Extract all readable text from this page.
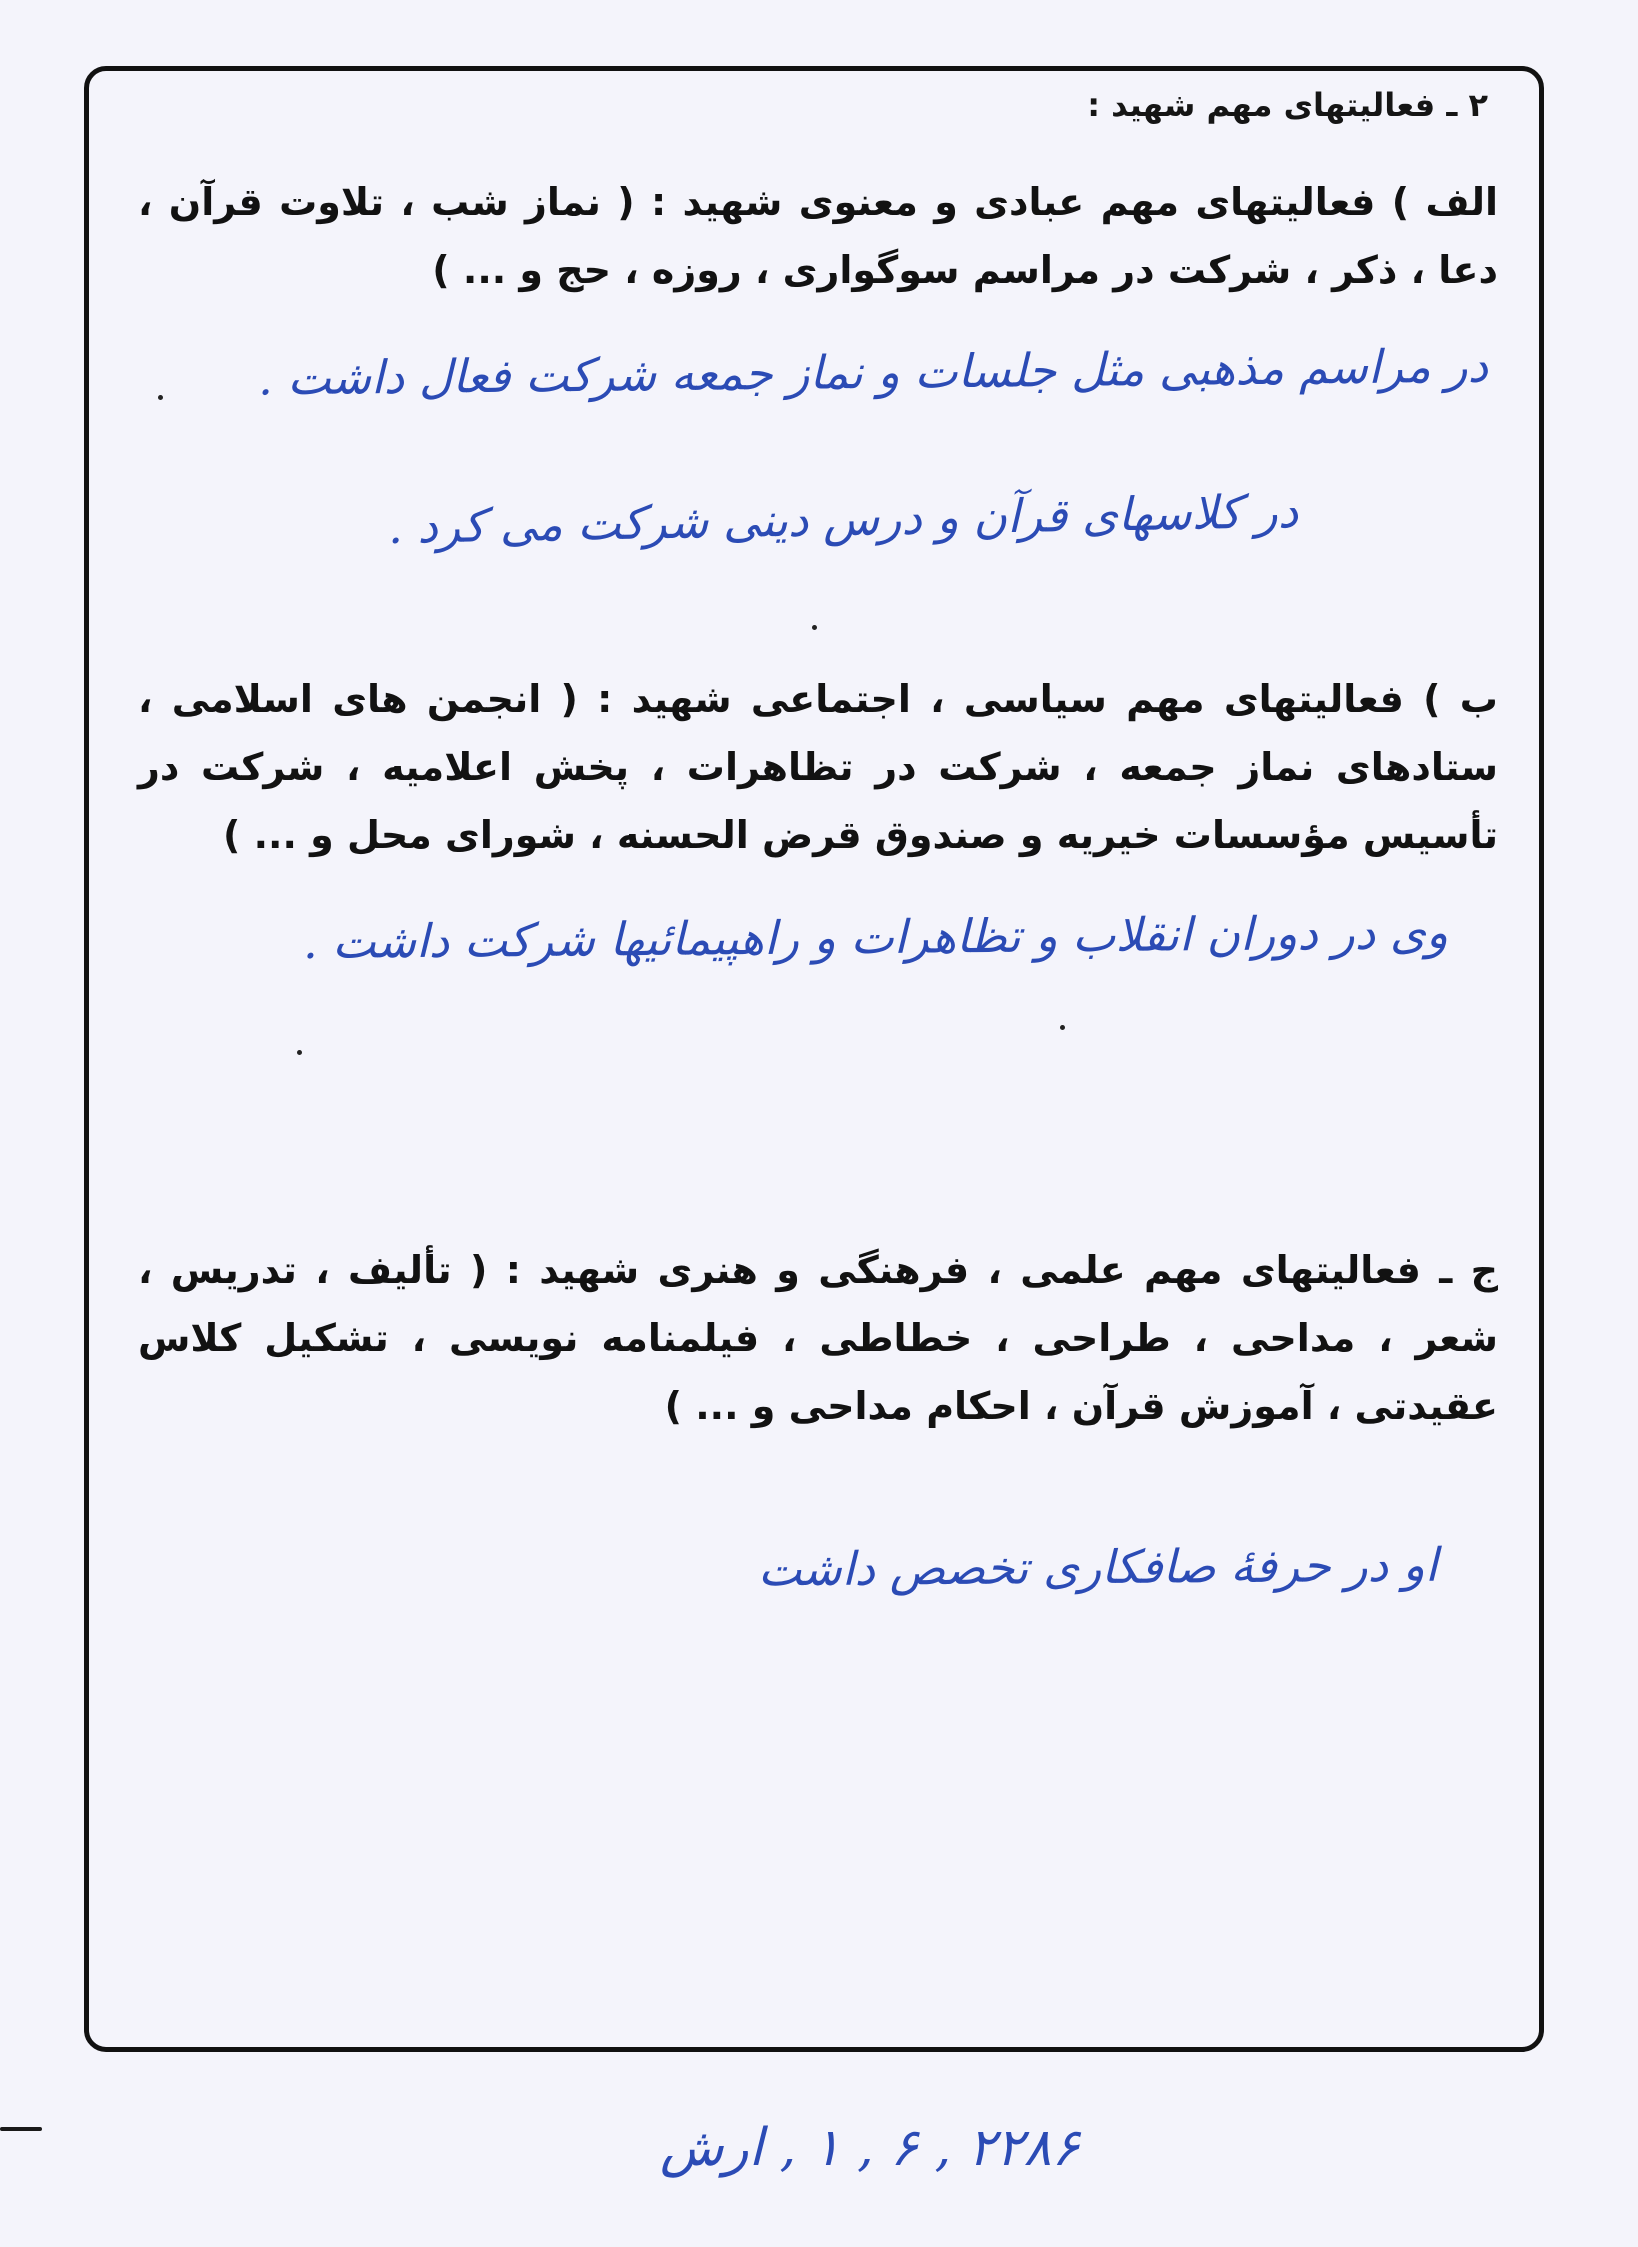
۲ ـ فعالیتهای مهم شهید :
الف ) فعالیتهای مهم عبادی و معنوی شهید : ( نماز شب ، تلاوت قرآن ، دعا ، ذکر ، شرکت در مراسم سوگواری ، روزه ، حج و ... )
در مراسم مذهبی مثل جلسات و نماز جمعه شرکت فعال داشت .
در کلاسهای قرآن و درس دینی شرکت می کرد .
ب ) فعالیتهای مهم سیاسی ، اجتماعی شهید : ( انجمن های اسلامی ، ستادهای نماز جمعه ، شرکت در تظاهرات ، پخش اعلامیه ، شرکت در تأسیس مؤسسات خیریه و صندوق قرض الحسنه ، شورای محل و ... )
وی در دوران انقلاب و تظاهرات و راهپیمائیها شرکت داشت .
ج ـ فعالیتهای مهم علمی ، فرهنگی و هنری شهید : ( تألیف ، تدریس ، شعر ، مداحی ، طراحی ، خطاطی ، فیلمنامه نویسی ، تشکیل کلاس عقیدتی ، آموزش قرآن ، احکام مداحی و ... )
او در حرفهٔ صافکاری تخصص داشت
۲۲۸۶ , ۶ , ۱ , ارش
